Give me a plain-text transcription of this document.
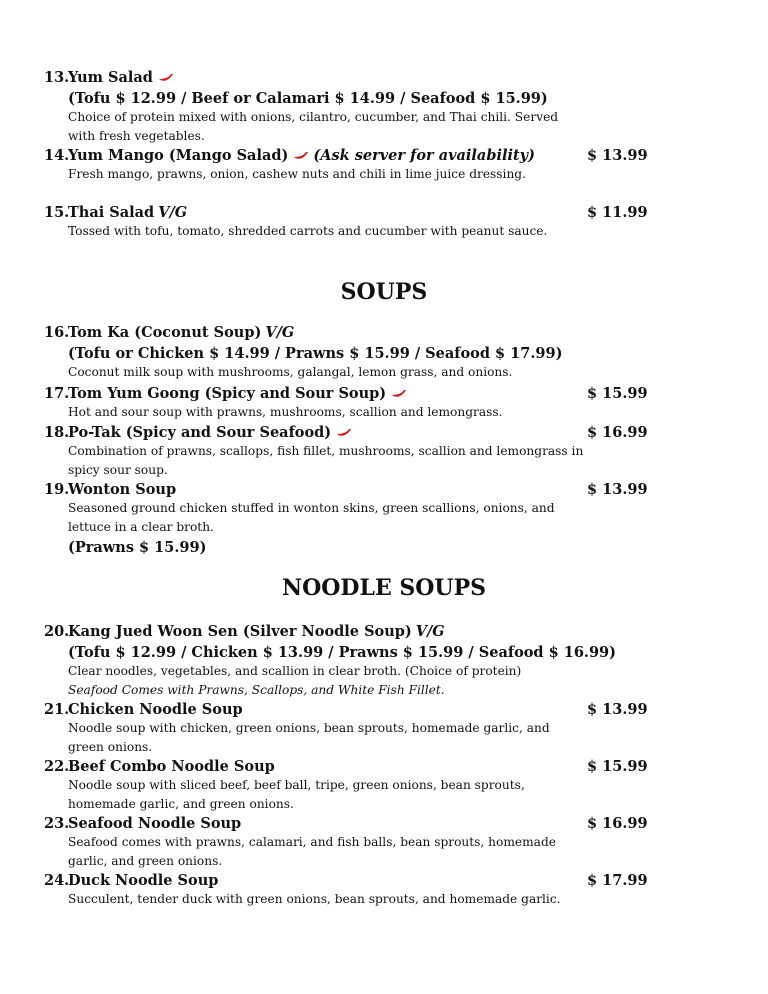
13.
Yum Salad
(Tofu $ 12.99 / Beef or Calamari $ 14.99 / Seafood $ 15.99)
Choice of protein mixed with onions, cilantro, cucumber, and Thai chili. Served with fresh vegetables.
14.
Yum Mango (Mango Salad) (Ask server for availability)	$ 13.99
Fresh mango, prawns, onion, cashew nuts and chili in lime juice dressing.
15.
Thai Salad V/G	$ 11.99
Tossed with tofu, tomato, shredded carrots and cucumber with peanut sauce.
SOUPS
16.
Tom Ka (Coconut Soup) V/G
(Tofu or Chicken $ 14.99 / Prawns $ 15.99 / Seafood $ 17.99)
Coconut milk soup with mushrooms, galangal, lemon grass, and onions.
17.
Tom Yum Goong (Spicy and Sour Soup)	$ 15.99
Hot and sour soup with prawns, mushrooms, scallion and lemongrass.
18.
Po-Tak (Spicy and Sour Seafood)	$ 16.99
Combination of prawns, scallops, fish fillet, mushrooms, scallion and lemongrass in spicy sour soup.
19.
Wonton Soup	$ 13.99
Seasoned ground chicken stuffed in wonton skins, green scallions, onions, and lettuce in a clear broth.
(Prawns $ 15.99)
NOODLE SOUPS
20.
Kang Jued Woon Sen (Silver Noodle Soup) V/G
(Tofu $ 12.99 / Chicken $ 13.99 / Prawns $ 15.99 / Seafood $ 16.99)
Clear noodles, vegetables, and scallion in clear broth. (Choice of protein)
Seafood Comes with Prawns, Scallops, and White Fish Fillet.
21.
Chicken Noodle Soup	$ 13.99
Noodle soup with chicken, green onions, bean sprouts, homemade garlic, and green onions.
22.
Beef Combo Noodle Soup	$ 15.99
Noodle soup with sliced beef, beef ball, tripe, green onions, bean sprouts, homemade garlic, and green onions.
23.
Seafood Noodle Soup	$ 16.99
Seafood comes with prawns, calamari, and fish balls, bean sprouts, homemade garlic, and green onions.
24.
Duck Noodle Soup	$ 17.99
Succulent, tender duck with green onions, bean sprouts, and homemade garlic.
